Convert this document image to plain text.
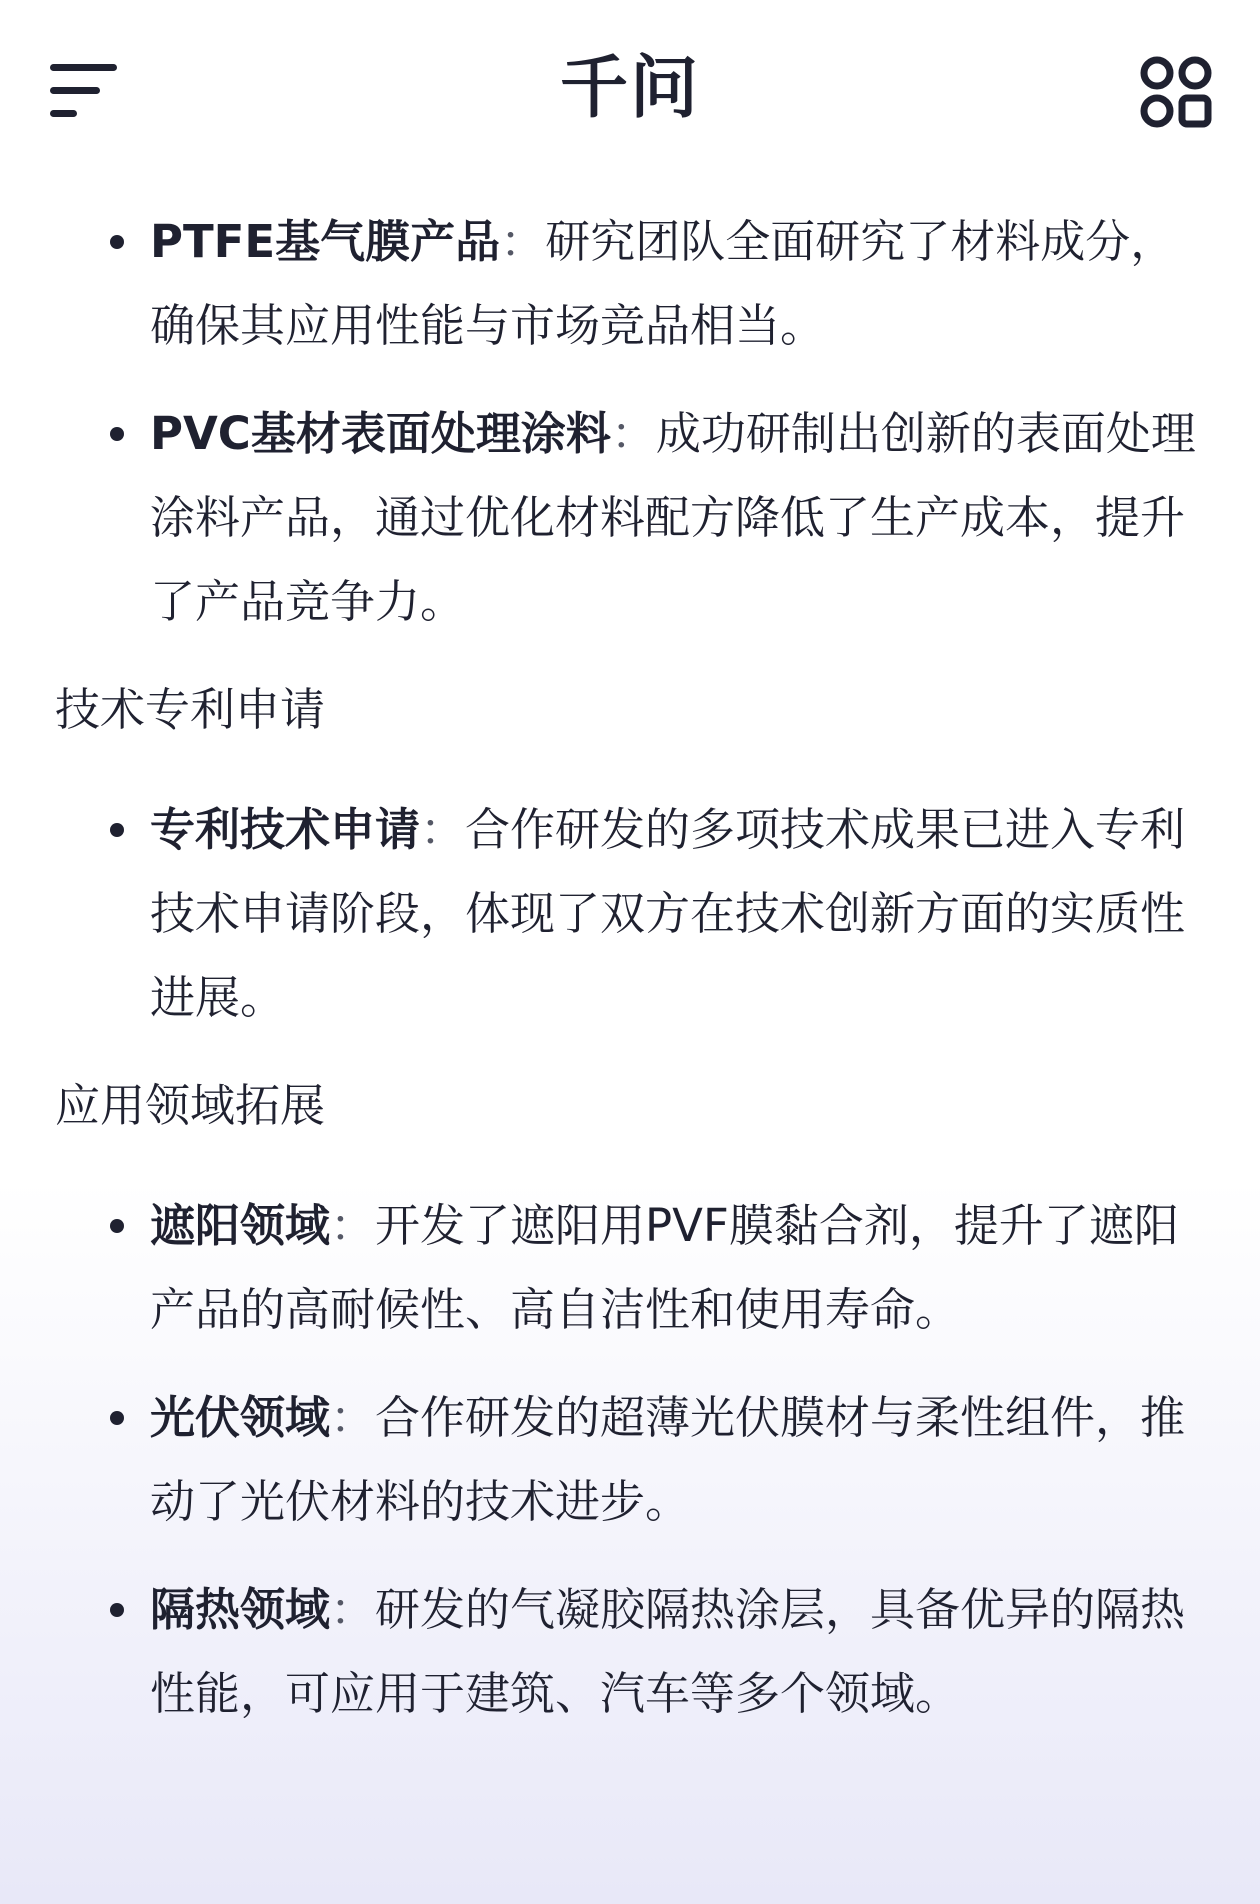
千问
PTFE基气膜产品：研究团队全面研究了材料成分，确保其应用性能与市场竞品相当。
PVC基材表面处理涂料：成功研制出创新的表面处理涂料产品，通过优化材料配方降低了生产成本，提升了产品竞争力。
技术专利申请
专利技术申请：合作研发的多项技术成果已进入专利技术申请阶段，体现了双方在技术创新方面的实质性进展。
应用领域拓展
遮阳领域：开发了遮阳用PVF膜黏合剂，提升了遮阳产品的高耐候性、高自洁性和使用寿命。
光伏领域：合作研发的超薄光伏膜材与柔性组件，推动了光伏材料的技术进步。
隔热领域：研发的气凝胶隔热涂层，具备优异的隔热性能，可应用于建筑、汽车等多个领域。
